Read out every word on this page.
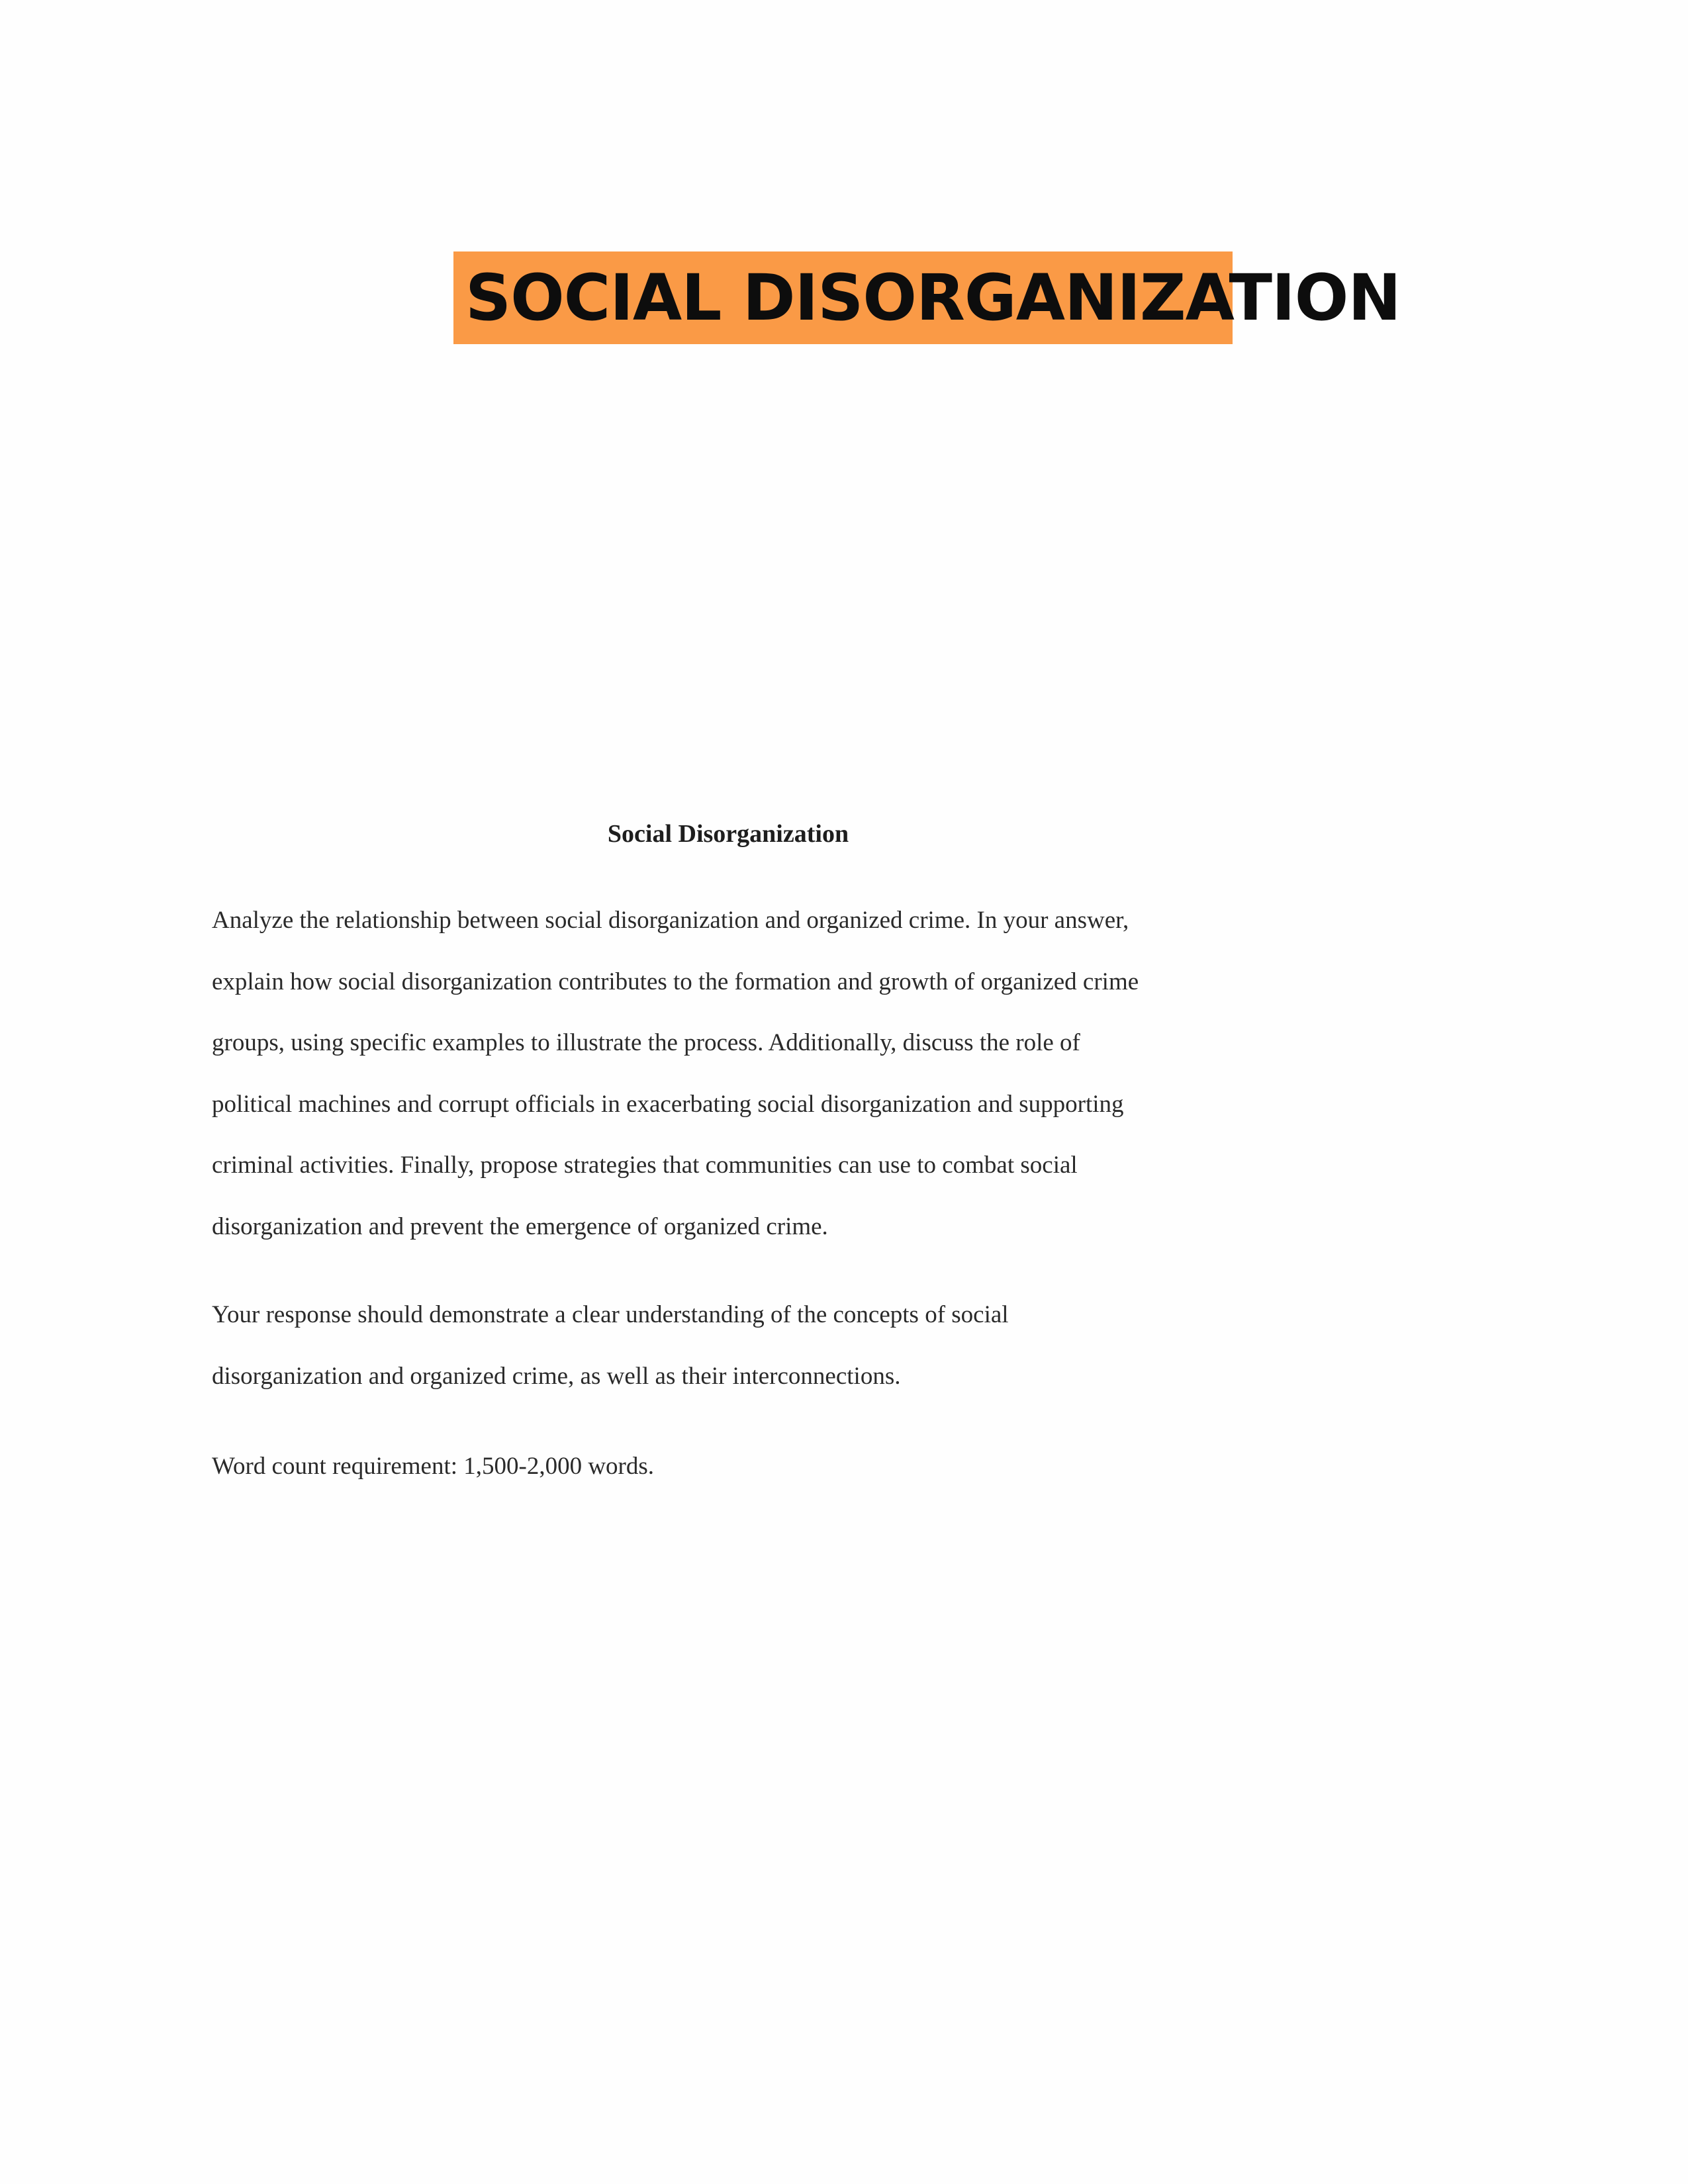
SOCIAL DISORGANIZATION
Social Disorganization

Analyze the relationship between social disorganization and organized crime. In your answer,
explain how social disorganization contributes to the formation and growth of organized crime
groups, using specific examples to illustrate the process. Additionally, discuss the role of
political machines and corrupt officials in exacerbating social disorganization and supporting
criminal activities. Finally, propose strategies that communities can use to combat social
disorganization and prevent the emergence of organized crime.

Your response should demonstrate a clear understanding of the concepts of social
disorganization and organized crime, as well as their interconnections.

Word count requirement: 1,500-2,000 words.
